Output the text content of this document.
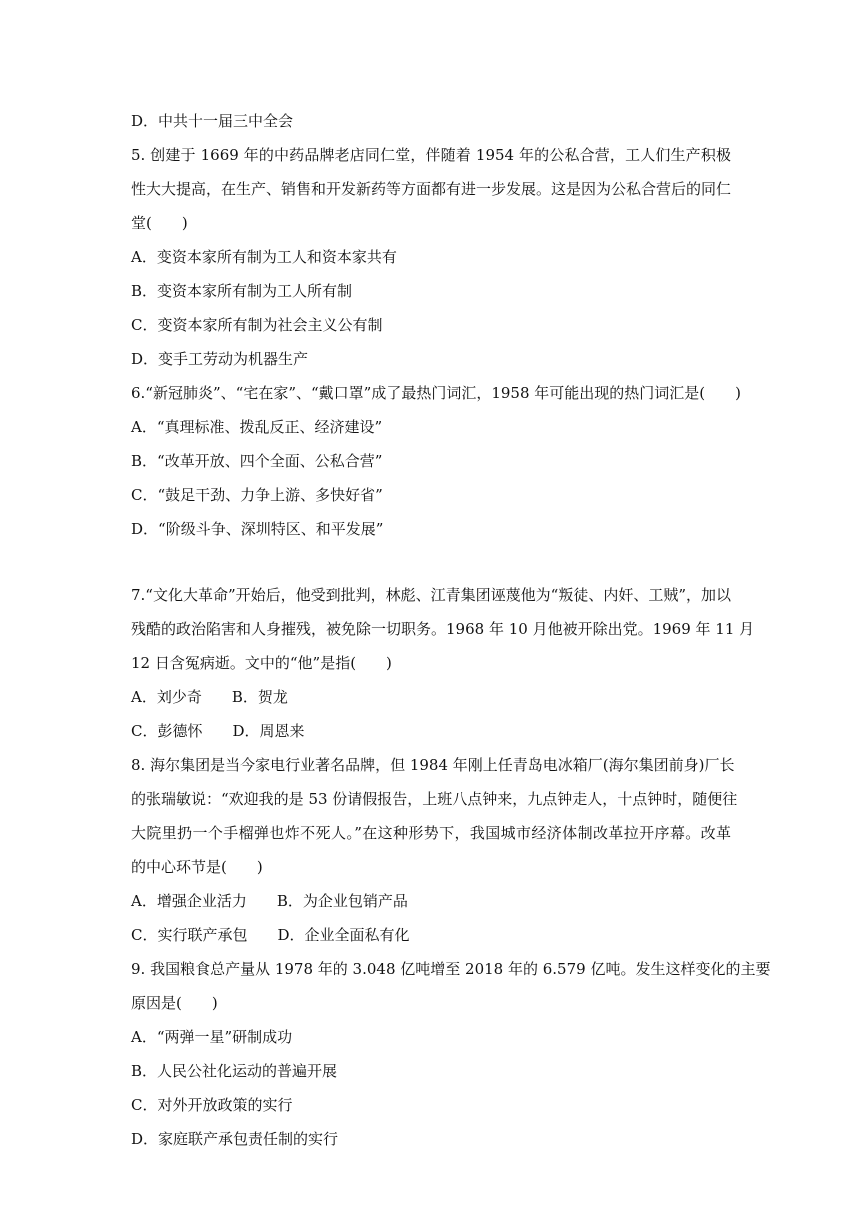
D．中共十一届三中全会
5. 创建于 1669 年的中药品牌老店同仁堂，伴随着 1954 年的公私合营，工人们生产积极
性大大提高，在生产、销售和开发新药等方面都有进一步发展。这是因为公私合营后的同仁
堂(　　)
A．变资本家所有制为工人和资本家共有
B．变资本家所有制为工人所有制
C．变资本家所有制为社会主义公有制
D．变手工劳动为机器生产
6.“新冠肺炎”、“宅在家”、“戴口罩”成了最热门词汇，1958 年可能出现的热门词汇是(　　)
A．“真理标准、拨乱反正、经济建设”
B．“改革开放、四个全面、公私合营”
C．“鼓足干劲、力争上游、多快好省”
D．“阶级斗争、深圳特区、和平发展”
7.“文化大革命”开始后，他受到批判，林彪、江青集团诬蔑他为“叛徒、内奸、工贼”，加以
残酷的政治陷害和人身摧残，被免除一切职务。1968 年 10 月他被开除出党。1969 年 11 月
12 日含冤病逝。文中的“他”是指(　　)
A．刘少奇　　B．贺龙
C．彭德怀　　D．周恩来
8. 海尔集团是当今家电行业著名品牌，但 1984 年刚上任青岛电冰箱厂(海尔集团前身)厂长
的张瑞敏说：“欢迎我的是 53 份请假报告，上班八点钟来，九点钟走人，十点钟时，随便往
大院里扔一个手榴弹也炸不死人。”在这种形势下，我国城市经济体制改革拉开序幕。改革
的中心环节是(　　)
A．增强企业活力　　B．为企业包销产品
C．实行联产承包　　D．企业全面私有化
9. 我国粮食总产量从 1978 年的 3.048 亿吨增至 2018 年的 6.579 亿吨。发生这样变化的主要
原因是(　　)
A．“两弹一星”研制成功
B．人民公社化运动的普遍开展
C．对外开放政策的实行
D．家庭联产承包责任制的实行
